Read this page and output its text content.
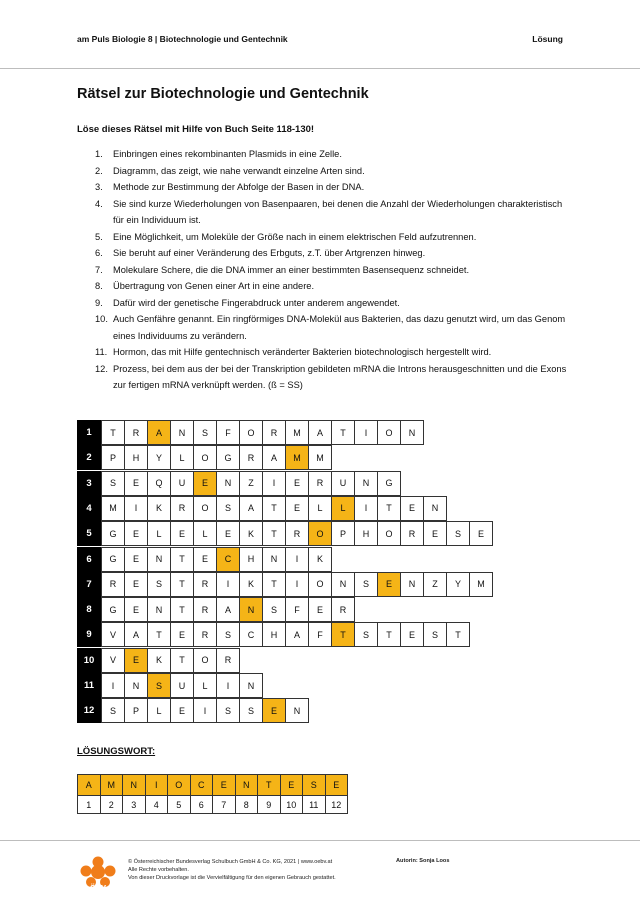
am Puls Biologie 8 | Biotechnologie und Gentechnik	Lösung
Rätsel zur Biotechnologie und Gentechnik
Löse dieses Rätsel mit Hilfe von Buch Seite 118-130!
1. Einbringen eines rekombinanten Plasmids in eine Zelle.
2. Diagramm, das zeigt, wie nahe verwandt einzelne Arten sind.
3. Methode zur Bestimmung der Abfolge der Basen in der DNA.
4. Sie sind kurze Wiederholungen von Basenpaaren, bei denen die Anzahl der Wiederholungen charakteristisch für ein Individuum ist.
5. Eine Möglichkeit, um Moleküle der Größe nach in einem elektrischen Feld aufzutrennen.
6. Sie beruht auf einer Veränderung des Erbguts, z.T. über Artgrenzen hinweg.
7. Molekulare Schere, die die DNA immer an einer bestimmten Basensequenz schneidet.
8. Übertragung von Genen einer Art in eine andere.
9. Dafür wird der genetische Fingerabdruck unter anderem angewendet.
10. Auch Genfähre genannt. Ein ringförmiges DNA-Molekül aus Bakterien, das dazu genutzt wird, um das Genom eines Individuums zu verändern.
11. Hormon, das mit Hilfe gentechnisch veränderter Bakterien biotechnologisch hergestellt wird.
12. Prozess, bei dem aus der bei der Transkription gebildeten mRNA die Introns herausgeschnitten und die Exons zur fertigen mRNA verknüpft werden. (ß = SS)
1	T	R	A	N	S	F	O	R	M	A	T	I	O	N
2	P	H	Y	L	O	G	R	A	M	M
3	S	E	Q	U	E	N	Z	I	E	R	U	N	G
4	M	I	K	R	O	S	A	T	E	L	L	I	T	E	N
5	G	E	L	E	L	E	K	T	R	O	P	H	O	R	E	S	E
6	G	E	N	T	E	C	H	N	I	K
7	R	E	S	T	R	I	K	T	I	O	N	S	E	N	Z	Y	M
8	G	E	N	T	R	A	N	S	F	E	R
9	V	A	T	E	R	S	C	H	A	F	T	S	T	E	S	T
10	V	E	K	T	O	R
11	I	N	S	U	L	I	N
12	S	P	L	E	I	S	S	E	N
LÖSUNGSWORT:
A	M	N	I	O	C	E	N	T	E	S	E
1	2	3	4	5	6	7	8	9	10	11	12
öbv
© Österreichischer Bundesverlag Schulbuch GmbH & Co. KG, 2021 | www.oebv.at
Alle Rechte vorbehalten.
Von dieser Druckvorlage ist die Vervielfältigung für den eigenen Gebrauch gestattet.
Autorin: Sonja Loos
